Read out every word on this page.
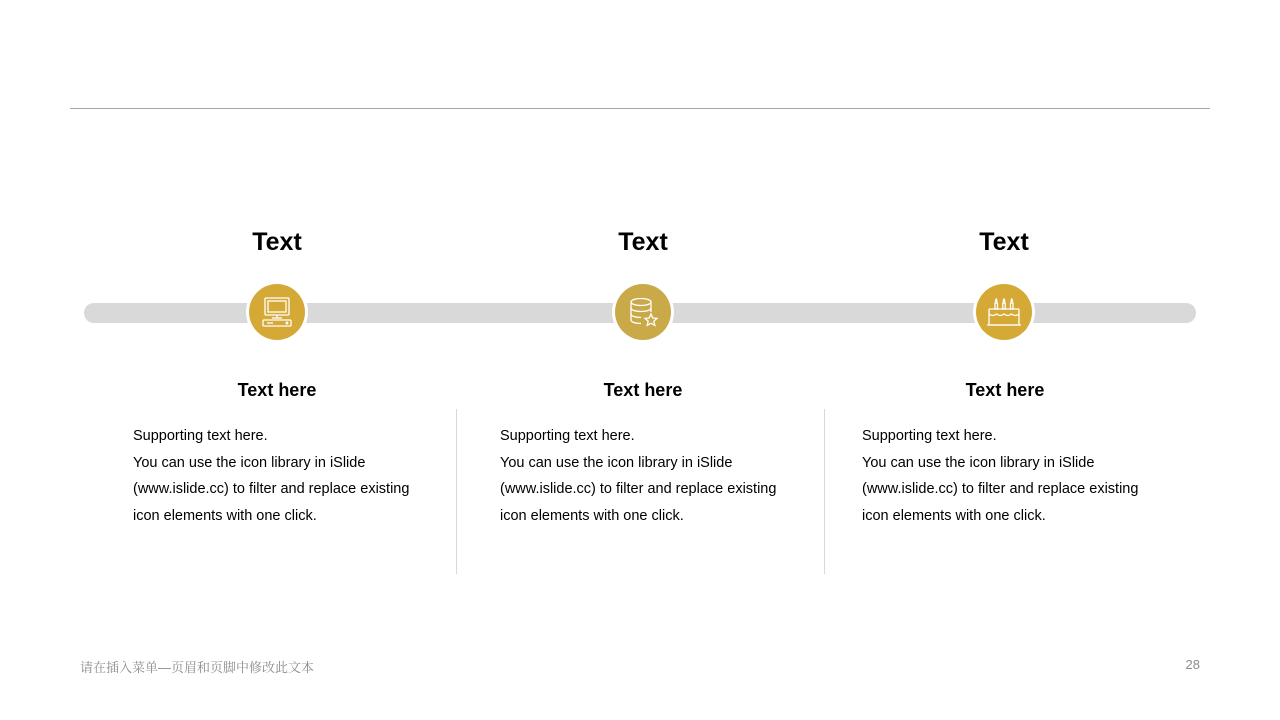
Text
Text here

Supporting text here.

You can use the icon library in iSlide

(www.islide.cc) to filter and replace existing

icon elements with one click.

Text
Text here

Supporting text here.

You can use the icon library in iSlide

(www.islide.cc) to filter and replace existing

icon elements with one click.

Text
Text here

Supporting text here.

You can use the icon library in iSlide

(www.islide.cc) to filter and replace existing

icon elements with one click.

请在插入菜单—页眉和页脚中修改此文本	28
